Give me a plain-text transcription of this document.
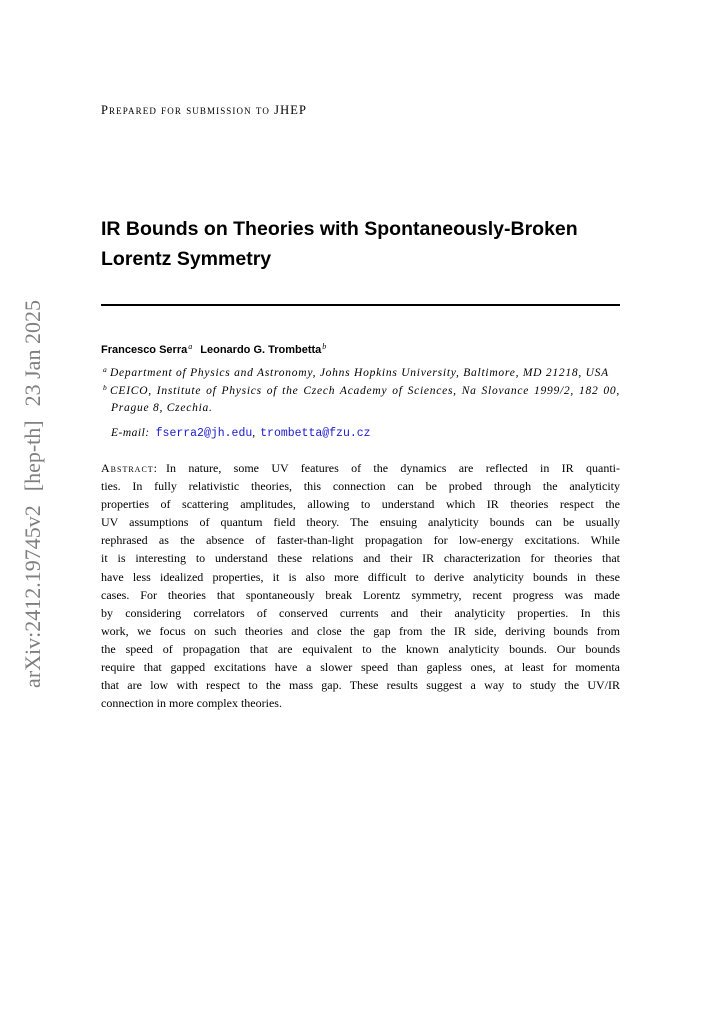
arXiv:2412.19745v2[hep-th]23 Jan 2025
Prepared for submission to JHEP
IR Bounds on Theories with Spontaneously-Broken
Lorentz Symmetry
Francesco Serra$^a$ Leonardo G. Trombetta$^b$
a Department of Physics and Astronomy, Johns Hopkins University, Baltimore, MD 21218, USA
b CEICO, Institute of Physics of the Czech Academy of Sciences, Na Slovance 1999/2, 182 00,
Prague 8, Czechia.
E-mail: fserra2@jh.edu, trombetta@fzu.cz
Abstract: In nature, some UV features of the dynamics are reflected in IR quanti-
ties. In fully relativistic theories, this connection can be probed through the analyticity
properties of scattering amplitudes, allowing to understand which IR theories respect the
UV assumptions of quantum field theory. The ensuing analyticity bounds can be usually
rephrased as the absence of faster-than-light propagation for low-energy excitations. While
it is interesting to understand these relations and their IR characterization for theories that
have less idealized properties, it is also more difficult to derive analyticity bounds in these
cases. For theories that spontaneously break Lorentz symmetry, recent progress was made
by considering correlators of conserved currents and their analyticity properties. In this
work, we focus on such theories and close the gap from the IR side, deriving bounds from
the speed of propagation that are equivalent to the known analyticity bounds. Our bounds
require that gapped excitations have a slower speed than gapless ones, at least for momenta
that are low with respect to the mass gap. These results suggest a way to study the UV/IR
connection in more complex theories.
